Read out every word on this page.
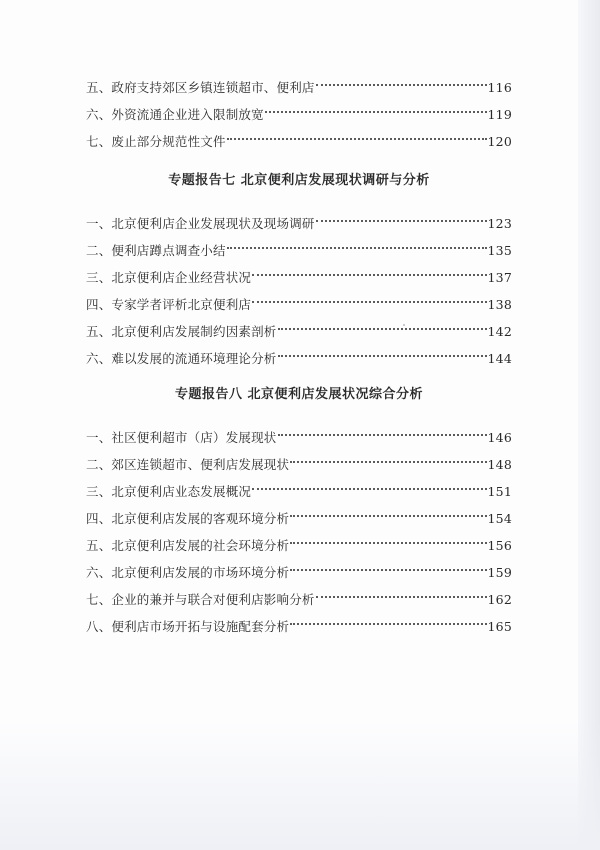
五、政府支持郊区乡镇连锁超市、便利店	116
六、外资流通企业进入限制放宽	119
七、废止部分规范性文件	120
专题报告七 北京便利店发展现状调研与分析
一、北京便利店企业发展现状及现场调研	123
二、便利店蹲点调查小结	135
三、北京便利店企业经营状况	137
四、专家学者评析北京便利店	138
五、北京便利店发展制约因素剖析	142
六、难以发展的流通环境理论分析	144
专题报告八 北京便利店发展状况综合分析
一、社区便利超市（店）发展现状	146
二、郊区连锁超市、便利店发展现状	148
三、北京便利店业态发展概况	151
四、北京便利店发展的客观环境分析	154
五、北京便利店发展的社会环境分析	156
六、北京便利店发展的市场环境分析	159
七、企业的兼并与联合对便利店影响分析	162
八、便利店市场开拓与设施配套分析	165
